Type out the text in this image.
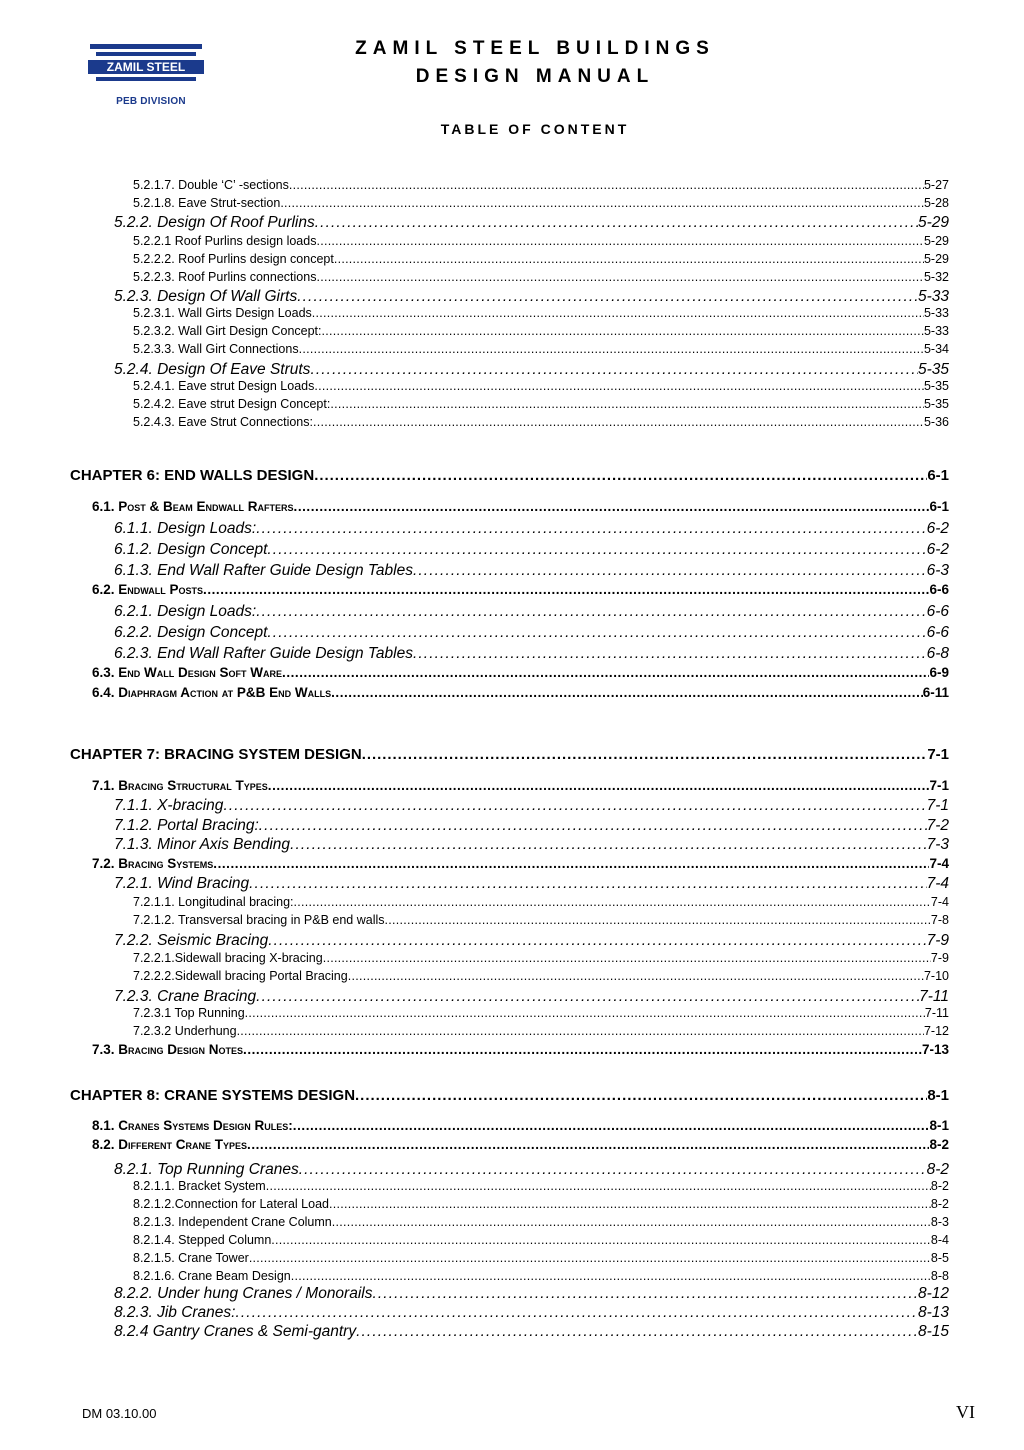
ZAMIL STEEL
PEB DIVISION
ZAMIL STEEL BUILDINGS
DESIGN MANUAL
TABLE OF CONTENT
5.2.1.7. Double ‘C’ -sections . . .	5-27
5.2.1.8. Eave Strut-section . . .	5-28
5.2.2. Design Of Roof Purlins . . .	5-29
5.2.2.1 Roof Purlins design loads . . .	5-29
5.2.2.2. Roof Purlins design concept . . .	5-29
5.2.2.3. Roof Purlins connections . . .	5-32
5.2.3. Design Of Wall Girts . . .	5-33
5.2.3.1. Wall Girts Design Loads . . .	5-33
5.2.3.2. Wall Girt Design Concept: . . .	5-33
5.2.3.3. Wall Girt Connections . . .	5-34
5.2.4. Design Of Eave Struts . . .	5-35
5.2.4.1. Eave strut Design Loads . . .	5-35
5.2.4.2. Eave strut Design Concept: . . .	5-35
5.2.4.3. Eave Strut Connections: . . .	5-36
CHAPTER 6: END WALLS DESIGN . . .	6-1
6.1. Post & Beam Endwall Rafters . . .	6-1
6.1.1. Design Loads: . . .	6-2
6.1.2. Design Concept . . .	6-2
6.1.3. End Wall Rafter Guide Design Tables . . .	6-3
6.2. Endwall Posts . . .	6-6
6.2.1. Design Loads: . . .	6-6
6.2.2. Design Concept . . .	6-6
6.2.3. End Wall Rafter Guide Design Tables . . .	6-8
6.3. End Wall Design Soft Ware . . .	6-9
6.4. Diaphragm Action at P&B End Walls . . .	6-11
CHAPTER 7: BRACING SYSTEM DESIGN . . .	7-1
7.1. Bracing Structural Types . . .	7-1
7.1.1. X-bracing . . .	7-1
7.1.2. Portal Bracing: . . .	7-2
7.1.3. Minor Axis Bending . . .	7-3
7.2. Bracing Systems . . .	7-4
7.2.1. Wind Bracing . . .	7-4
7.2.1.1. Longitudinal bracing: . . .	7-4
7.2.1.2. Transversal bracing in P&B end walls . . .	7-8
7.2.2. Seismic Bracing . . .	7-9
7.2.2.1.Sidewall bracing X-bracing . . .	7-9
7.2.2.2.Sidewall bracing Portal Bracing . . .	7-10
7.2.3. Crane Bracing . . .	7-11
7.2.3.1 Top Running . . .	7-11
7.2.3.2 Underhung . . .	7-12
7.3. Bracing Design Notes . . .	7-13
CHAPTER 8: CRANE SYSTEMS DESIGN . . .	8-1
8.1. Cranes Systems Design Rules: . . .	8-1
8.2. Different Crane Types . . .	8-2
8.2.1. Top Running Cranes . . .	8-2
8.2.1.1. Bracket System . . .	8-2
8.2.1.2.Connection for Lateral Load . . .	8-2
8.2.1.3. Independent Crane Column . . .	8-3
8.2.1.4. Stepped Column . . .	8-4
8.2.1.5. Crane Tower . . .	8-5
8.2.1.6. Crane Beam Design . . .	8-8
8.2.2. Under hung Cranes / Monorails . . .	8-12
8.2.3. Jib Cranes: . . .	8-13
8.2.4 Gantry Cranes & Semi-gantry . . .	8-15
DM 03.10.00	VI
